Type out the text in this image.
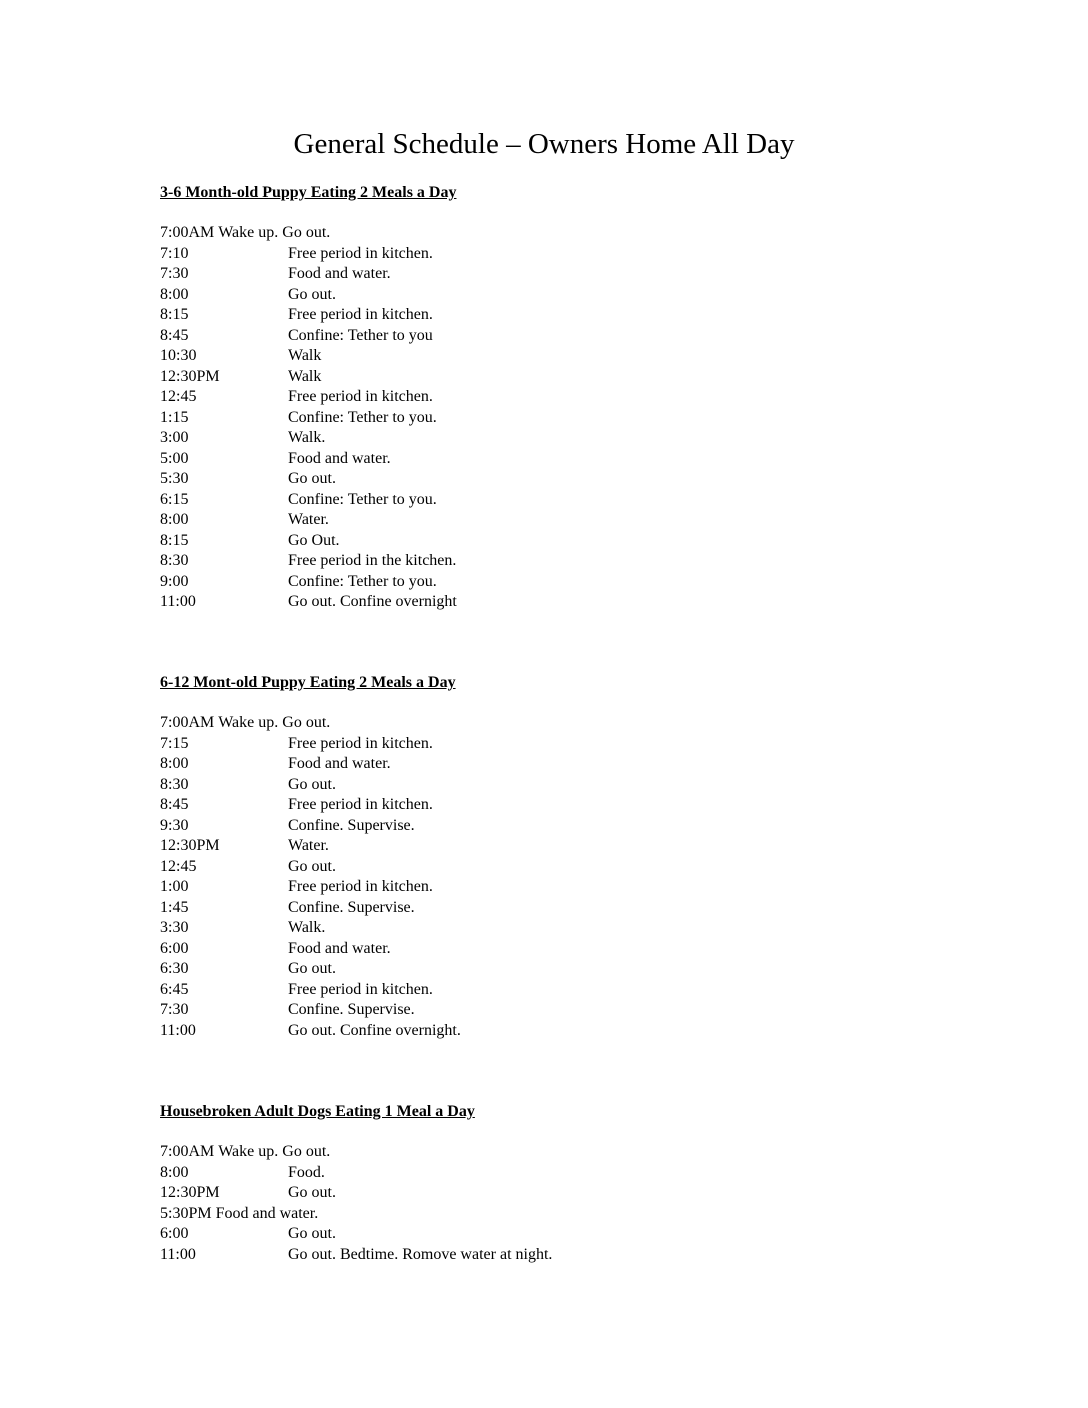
General Schedule – Owners Home All Day
3-6 Month-old Puppy Eating 2 Meals a Day
7:00AM Wake up. Go out.
7:10	Free period in kitchen.
7:30	Food and water.
8:00	Go out.
8:15	Free period in kitchen.
8:45	Confine: Tether to you
10:30	Walk
12:30PM	Walk
12:45	Free period in kitchen.
1:15	Confine: Tether to you.
3:00	Walk.
5:00	Food and water.
5:30	Go out.
6:15	Confine: Tether to you.
8:00	Water.
8:15	Go Out.
8:30	Free period in the kitchen.
9:00	Confine: Tether to you.
11:00	Go out. Confine overnight
6-12 Mont-old Puppy Eating 2 Meals a Day
7:00AM Wake up. Go out.
7:15	Free period in kitchen.
8:00	Food and water.
8:30	Go out.
8:45	Free period in kitchen.
9:30	Confine. Supervise.
12:30PM	Water.
12:45	Go out.
1:00	Free period in kitchen.
1:45	Confine. Supervise.
3:30	Walk.
6:00	Food and water.
6:30	Go out.
6:45	Free period in kitchen.
7:30	Confine. Supervise.
11:00	Go out. Confine overnight.
Housebroken Adult Dogs Eating 1 Meal a Day
7:00AM Wake up. Go out.
8:00	Food.
12:30PM	Go out.
5:30PM Food and water.
6:00	Go out.
11:00	Go out. Bedtime. Romove water at night.
